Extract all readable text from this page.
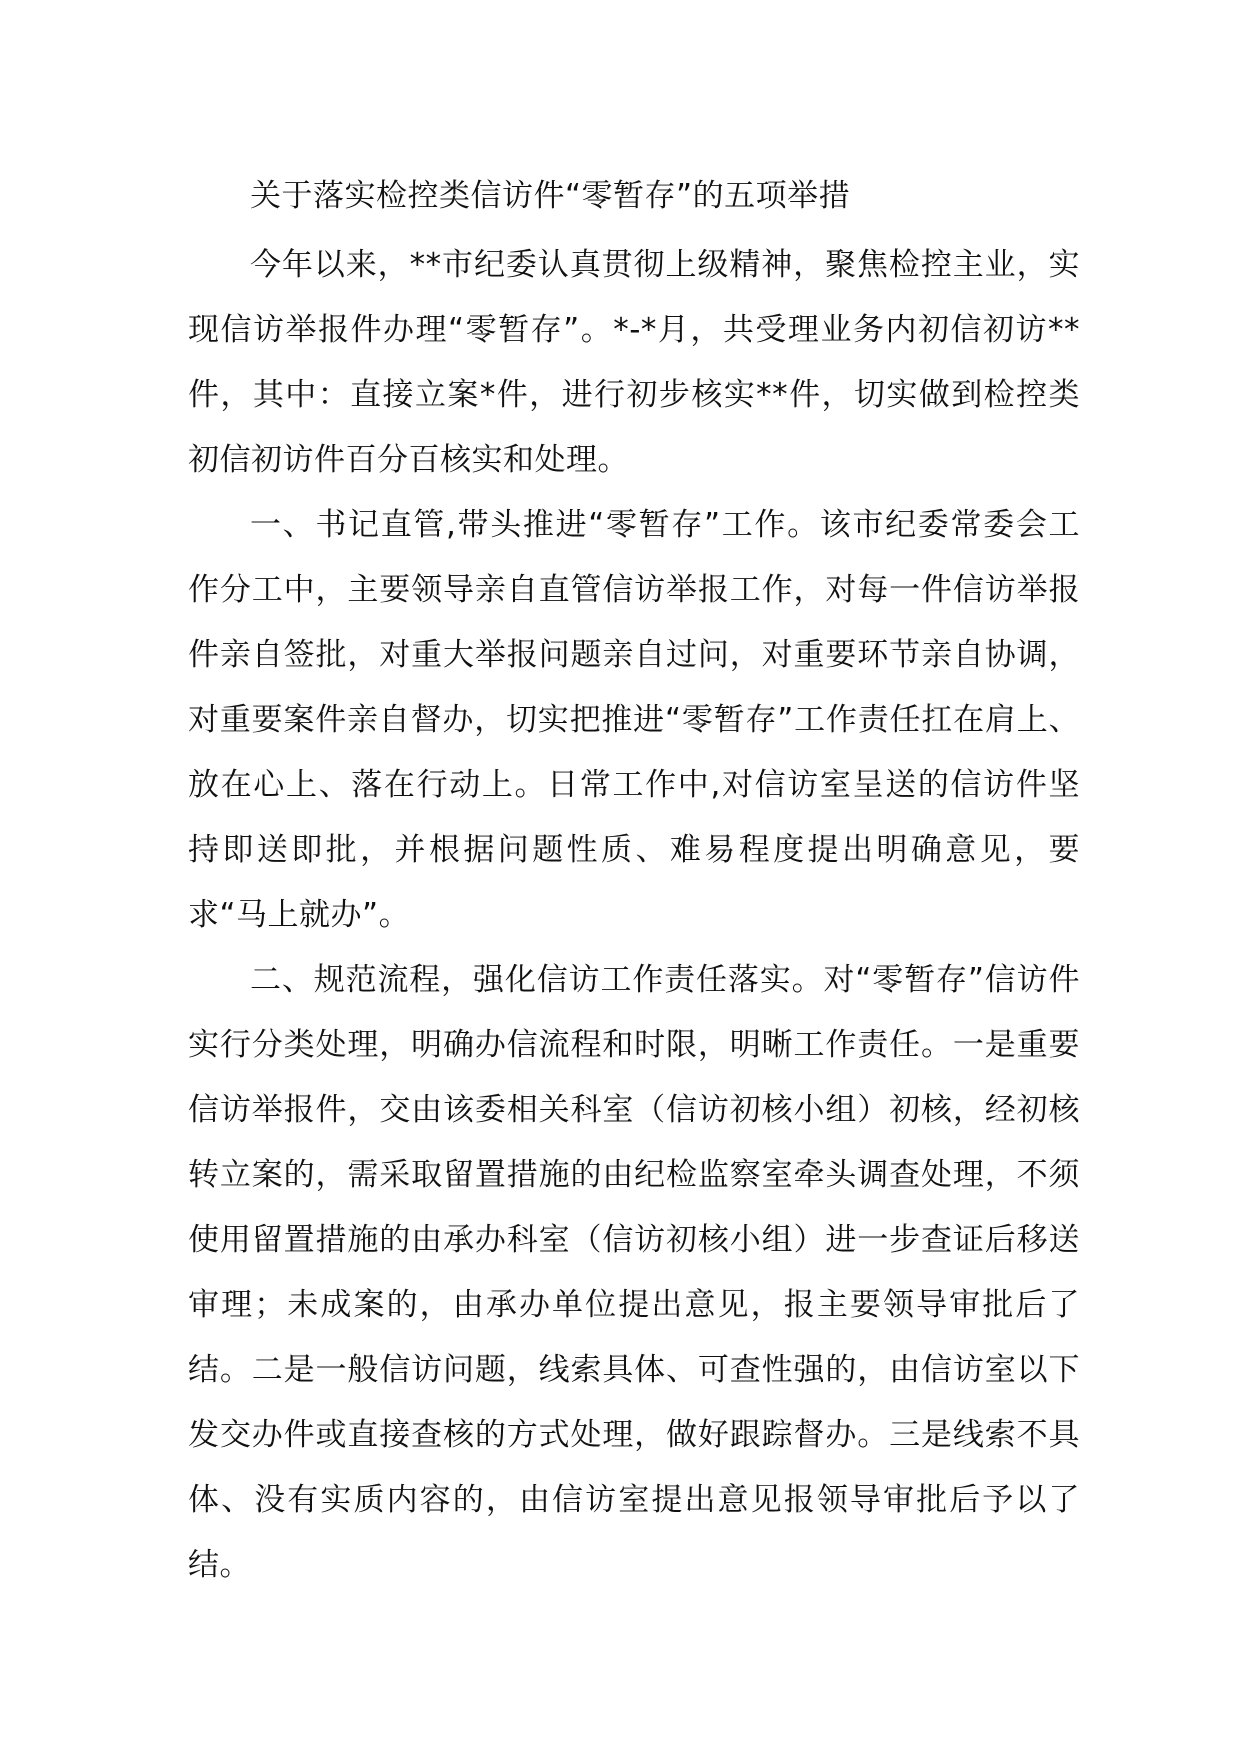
关于落实检控类信访件“零暂存”的五项举措

今年以来，**市纪委认真贯彻上级精神，聚焦检控主业，实现信访举报件办理“零暂存”。*-*月，共受理业务内初信初访**件，其中：直接立案*件，进行初步核实**件，切实做到检控类初信初访件百分百核实和处理。

一、书记直管,带头推进“零暂存”工作。该市纪委常委会工作分工中，主要领导亲自直管信访举报工作，对每一件信访举报件亲自签批，对重大举报问题亲自过问，对重要环节亲自协调，对重要案件亲自督办，切实把推进“零暂存”工作责任扛在肩上、放在心上、落在行动上。日常工作中,对信访室呈送的信访件坚持即送即批，并根据问题性质、难易程度提出明确意见，要求“马上就办”。

二、规范流程，强化信访工作责任落实。对“零暂存”信访件实行分类处理，明确办信流程和时限，明晰工作责任。一是重要信访举报件，交由该委相关科室（信访初核小组）初核，经初核转立案的，需采取留置措施的由纪检监察室牵头调查处理，不须使用留置措施的由承办科室（信访初核小组）进一步查证后移送审理；未成案的，由承办单位提出意见，报主要领导审批后了结。二是一般信访问题，线索具体、可查性强的，由信访室以下发交办件或直接查核的方式处理，做好跟踪督办。三是线索不具体、没有实质内容的，由信访室提出意见报领导审批后予以了结。
